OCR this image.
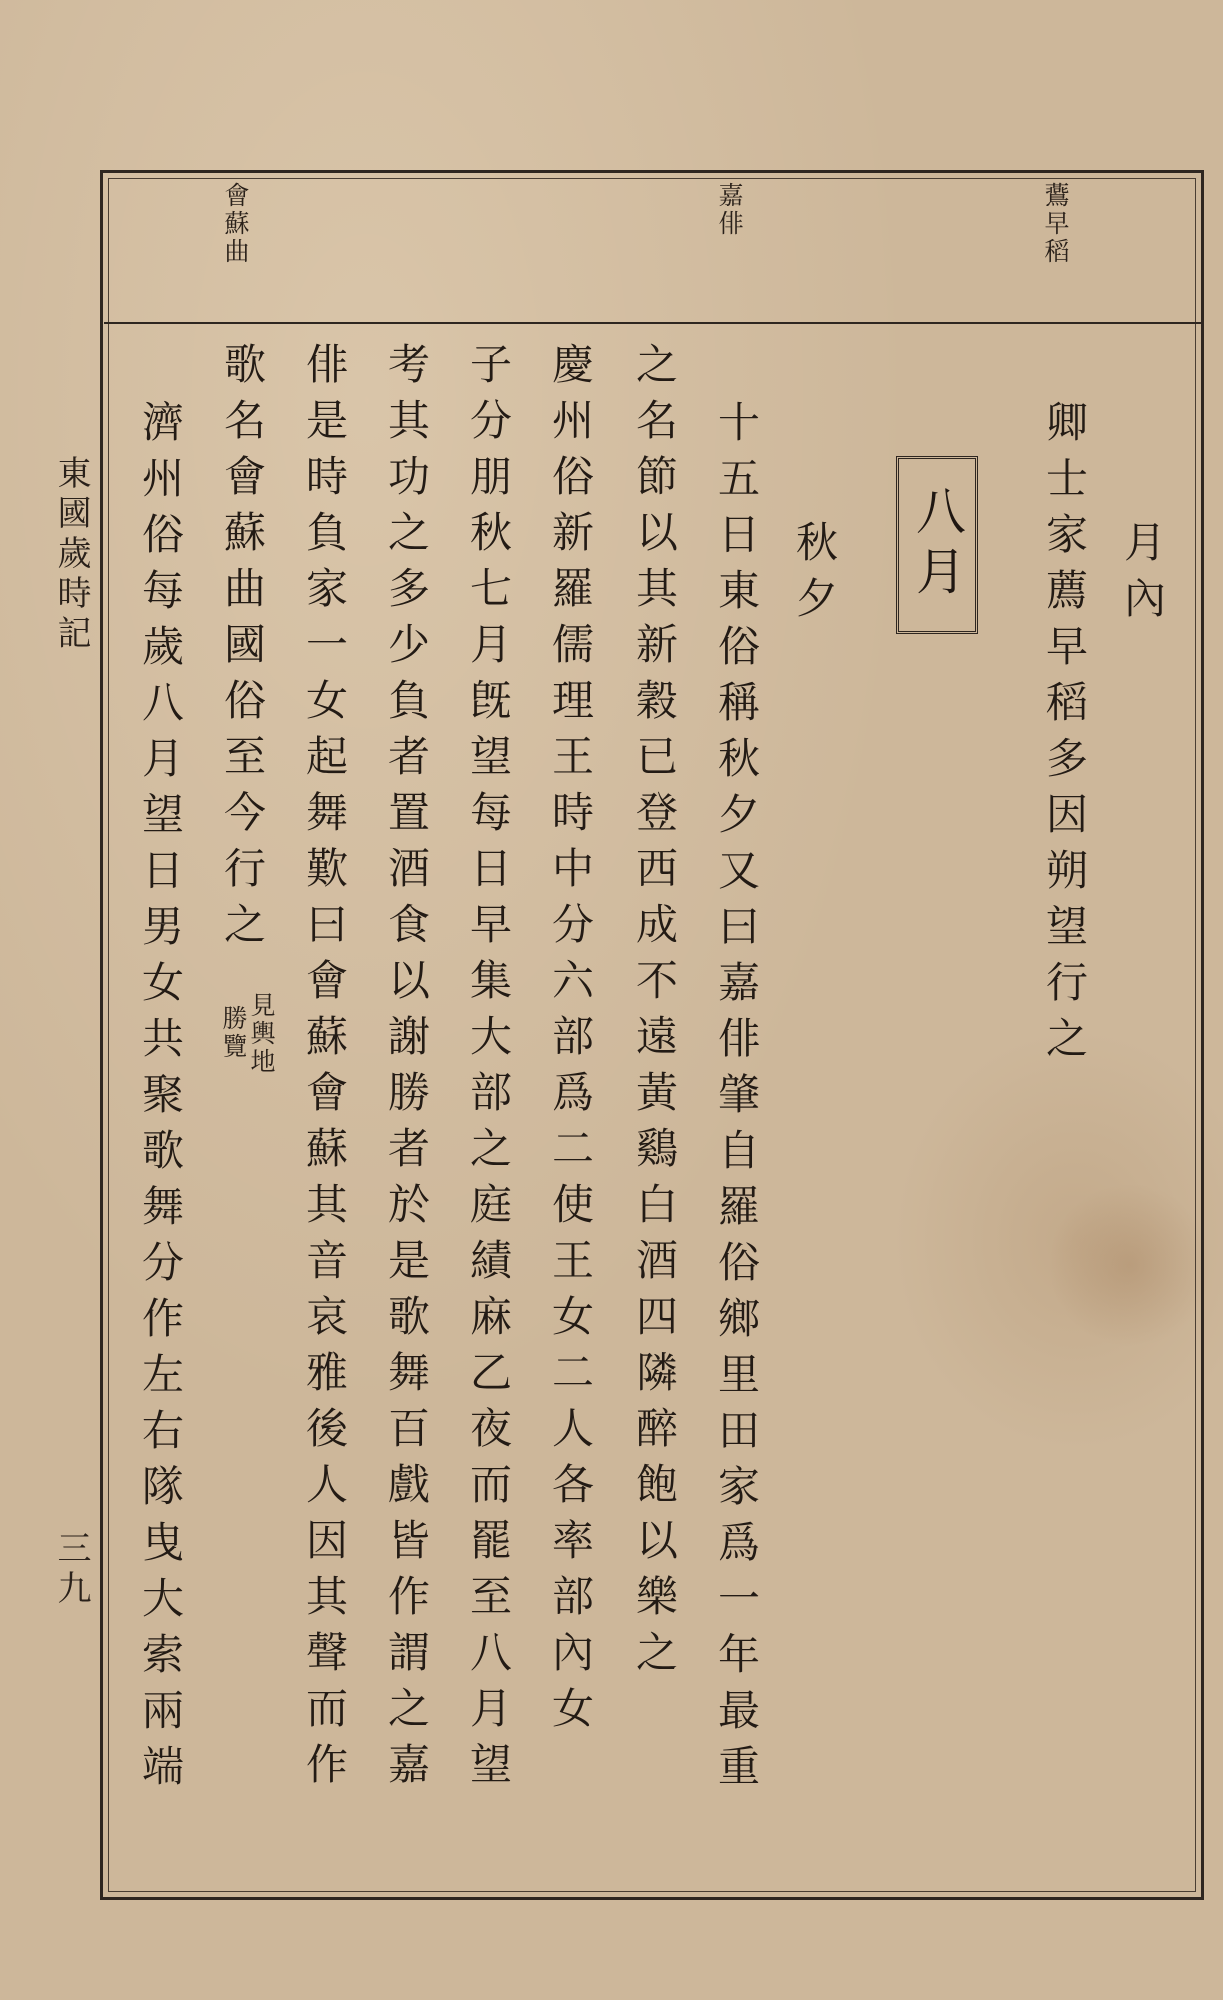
鷰早稻

嘉俳

會蘇曲

東國歲時記

三九

月內

卿士家薦早稻多因朔望行之

八月

秋夕

十五日東俗稱秋夕又曰嘉俳肇自羅俗鄉里田家爲一年最重

之名節以其新穀已登西成不遠黃鷄白酒四隣醉飽以樂之

慶州俗新羅儒理王時中分六部爲二使王女二人各率部內女

子分朋秋七月旣望每日早集大部之庭績麻乙夜而罷至八月望

考其功之多少負者置酒食以謝勝者於是歌舞百戲皆作謂之嘉

俳是時負家一女起舞歎曰會蘇會蘇其音哀雅後人因其聲而作

歌名會蘇曲國俗至今行之

見輿地

勝覽

濟州俗每歲八月望日男女共聚歌舞分作左右隊曳大索兩端
